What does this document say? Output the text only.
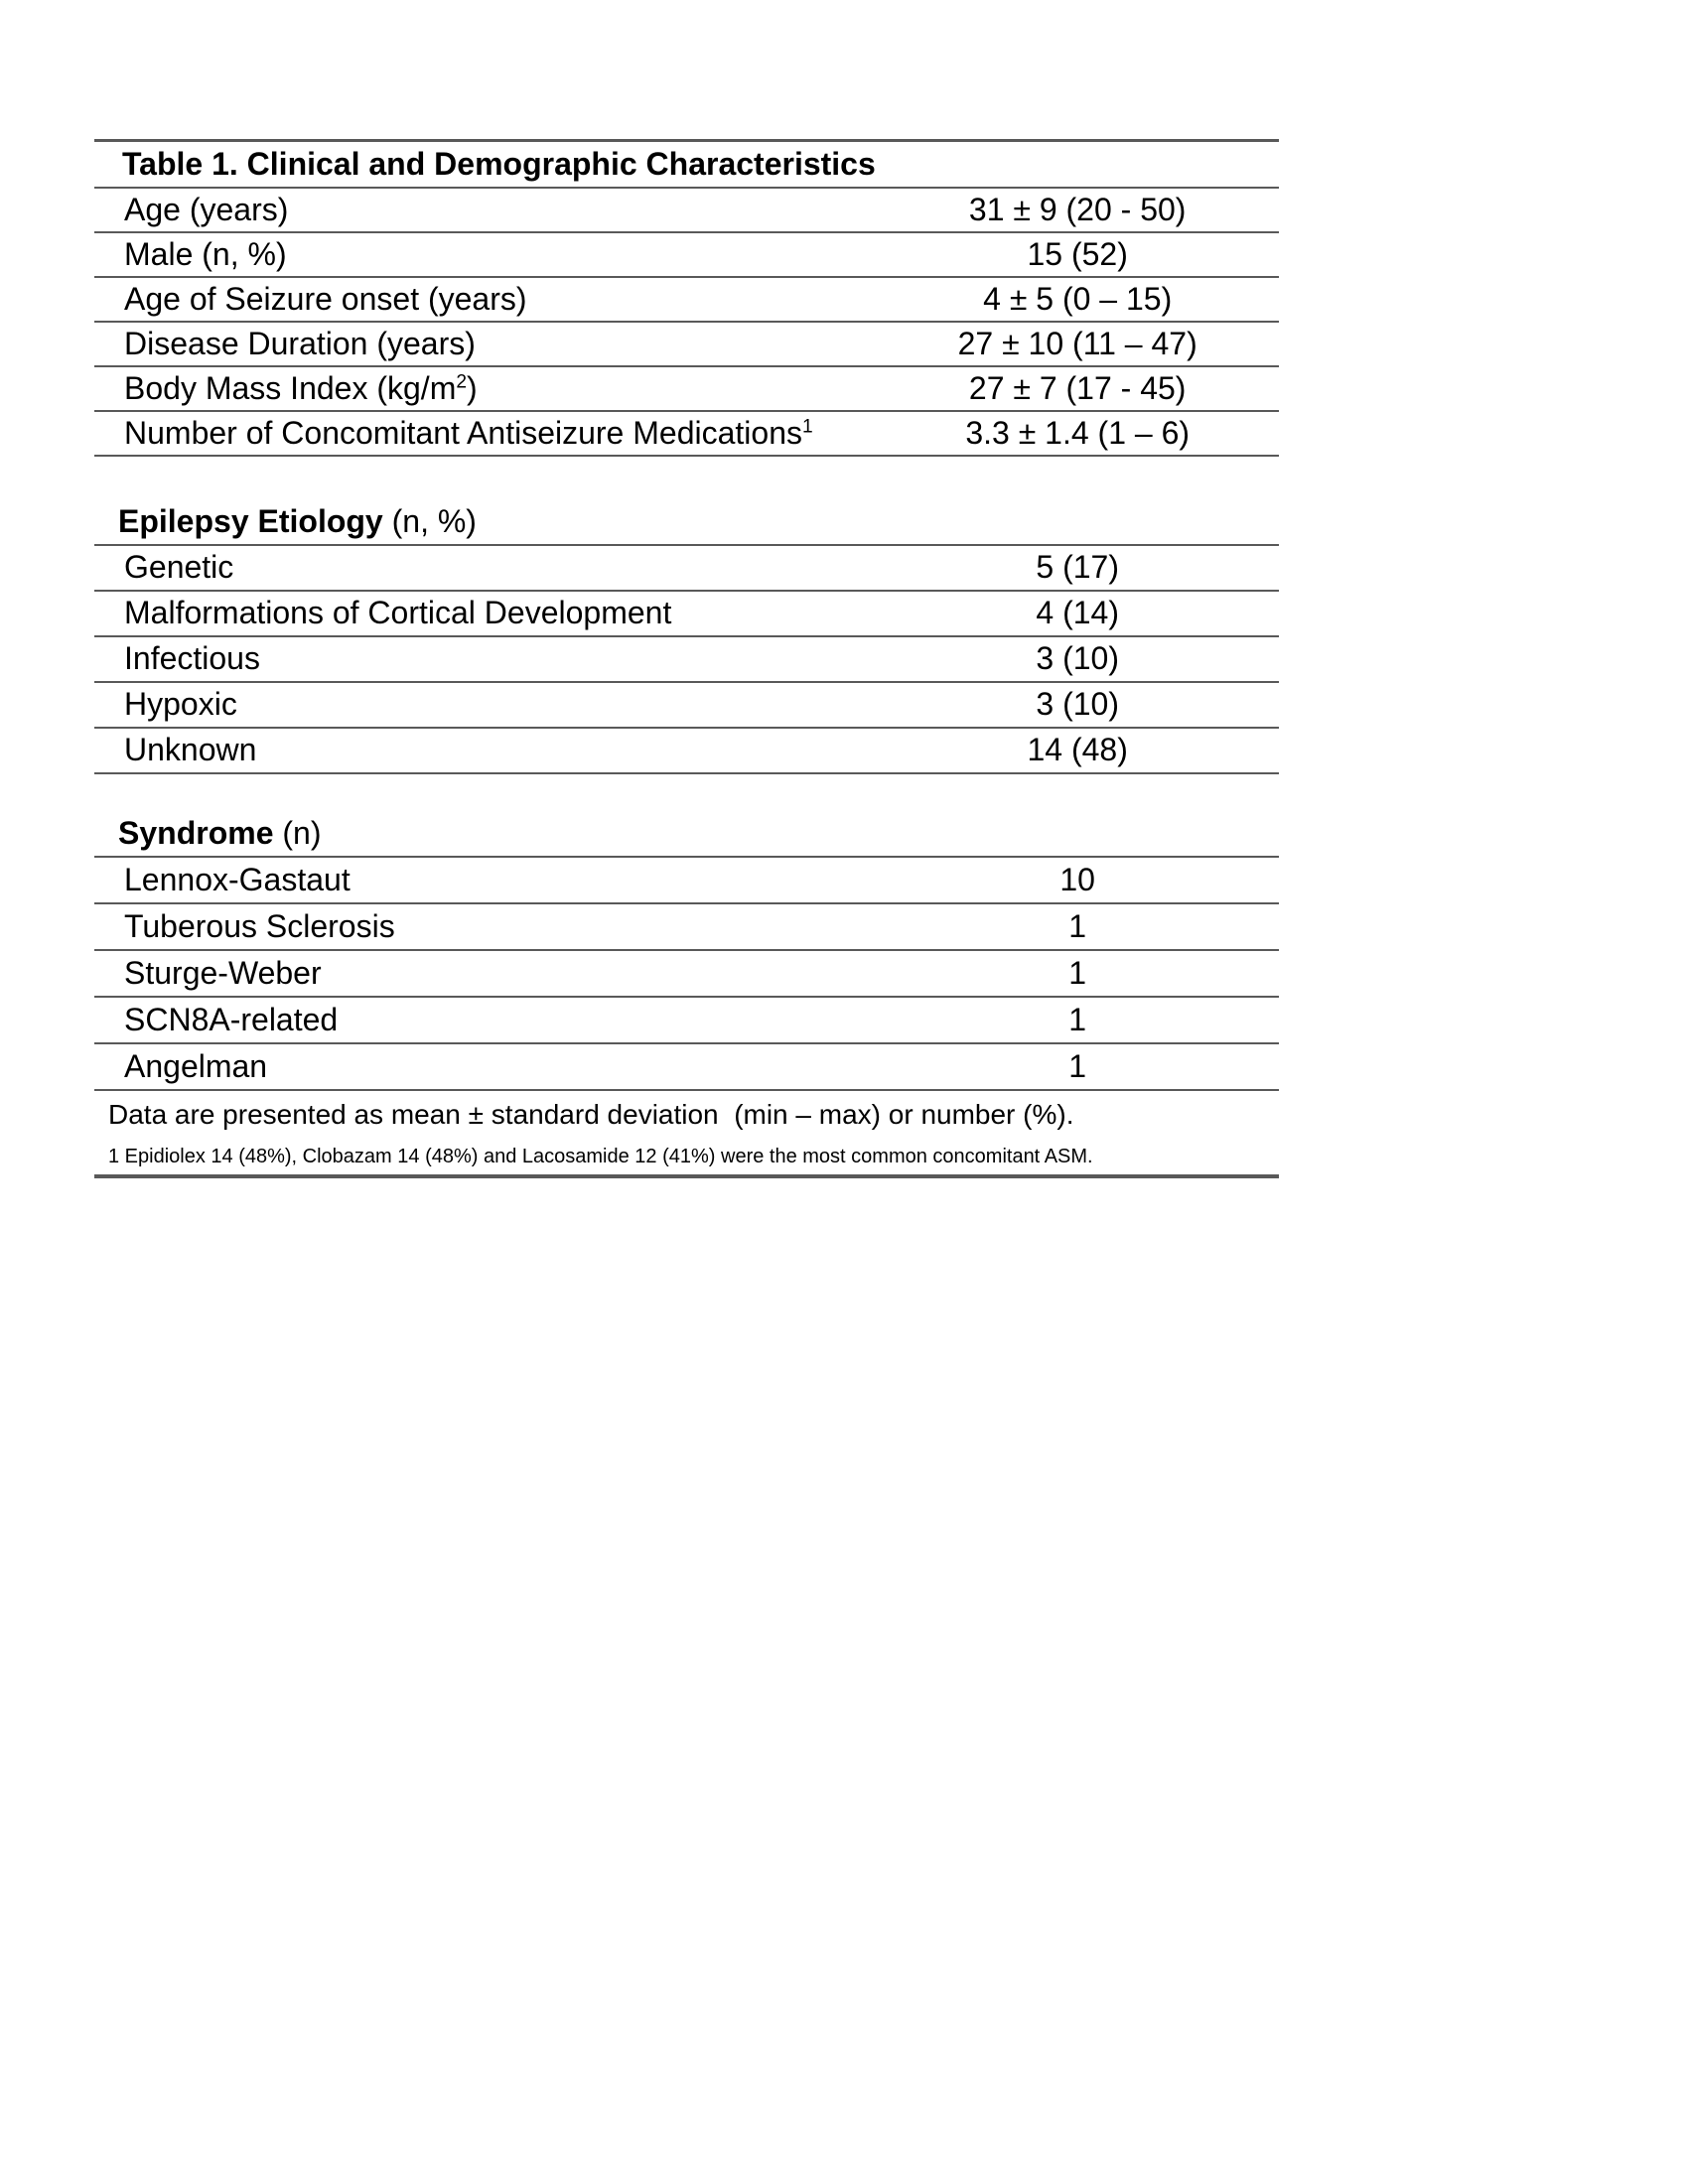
Table 1. Clinical and Demographic Characteristics
Age (years)	31 ± 9 (20 - 50)
Male (n, %)	15 (52)
Age of Seizure onset (years)	4 ± 5 (0 – 15)
Disease Duration (years)	27 ± 10 (11 – 47)
Body Mass Index $(kg/m^2)$	27 ± 7 (17 - 45)
Number of Concomitant Antiseizure Medications$^1$	3.3 ± 1.4 (1 – 6)
Epilepsy Etiology (n, %)
Genetic	5 (17)
Malformations of Cortical Development	4 (14)
Infectious	3 (10)
Hypoxic	3 (10)
Unknown	14 (48)
Syndrome (n)
Lennox-Gastaut	10
Tuberous Sclerosis	1
Sturge-Weber	1
SCN8A-related	1
Angelman	1
Data are presented as mean ± standard deviation  (min – max) or number (%).
1 Epidiolex 14 (48%), Clobazam 14 (48%) and Lacosamide 12 (41%) were the most common concomitant ASM.
